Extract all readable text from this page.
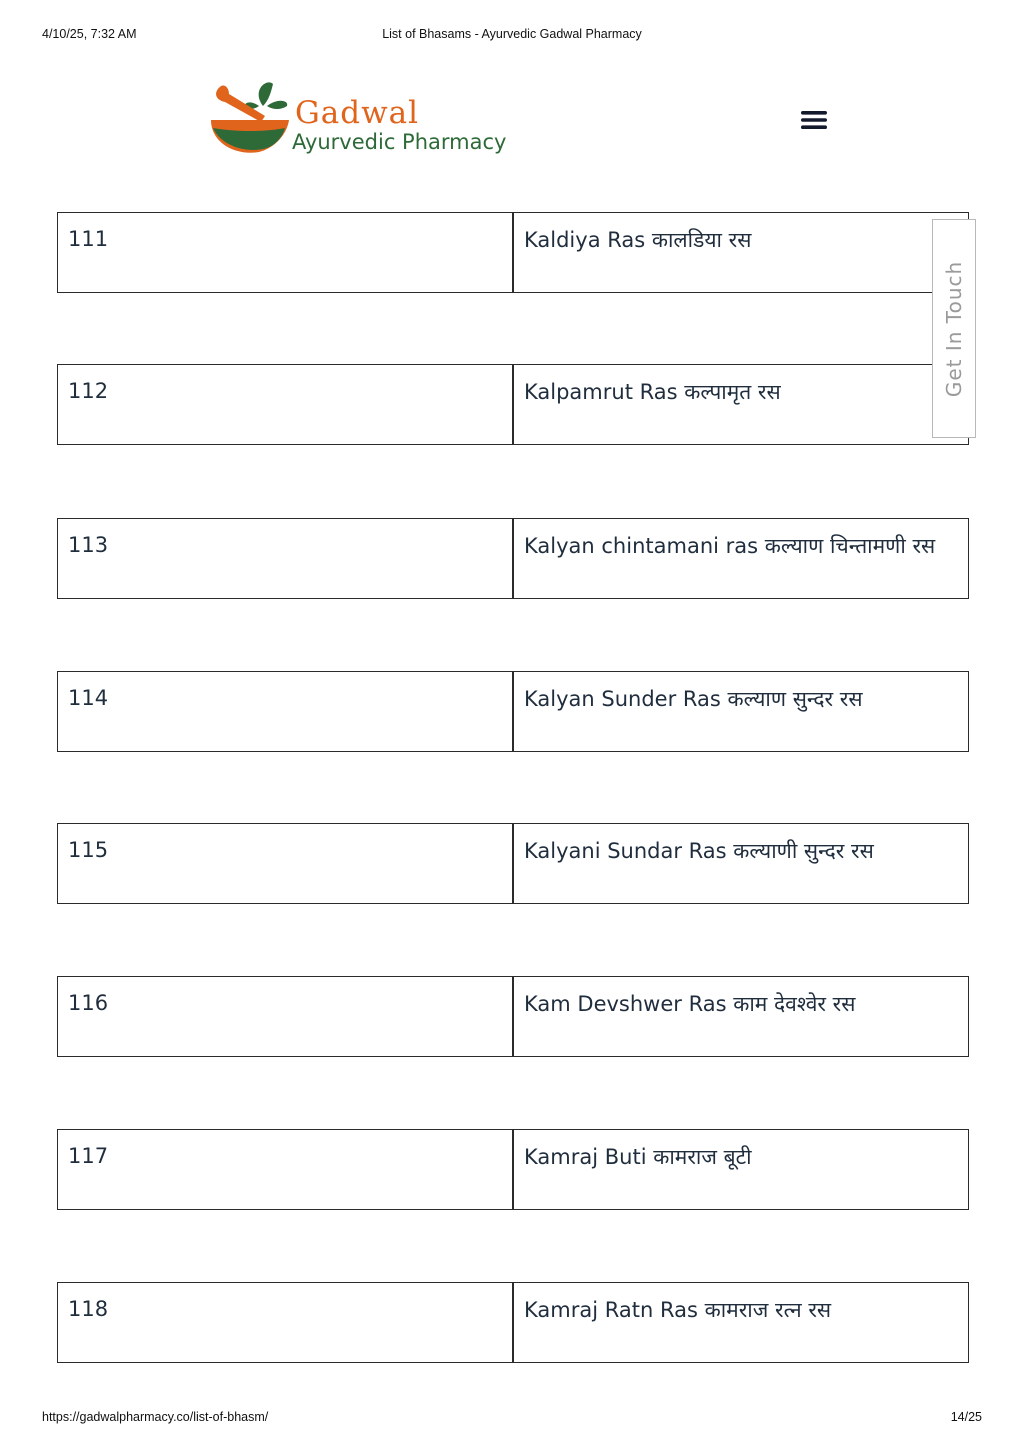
4/10/25, 7:32 AM	List of Bhasams - Ayurvedic Gadwal Pharmacy
Gadwal
Ayurvedic Pharmacy
111	Kaldiya Ras कालडिया रस
112	Kalpamrut Ras कल्पामृत रस
113	Kalyan chintamani ras कल्याण चिन्तामणी रस
114	Kalyan Sunder Ras कल्याण सुन्दर रस
115	Kalyani Sundar Ras कल्याणी सुन्दर रस
116	Kam Devshwer Ras काम देवश्वेर रस
117	Kamraj Buti कामराज बूटी
118	Kamraj Ratn Ras कामराज रत्न रस
Get In Touch
https://gadwalpharmacy.co/list-of-bhasm/	14/25
